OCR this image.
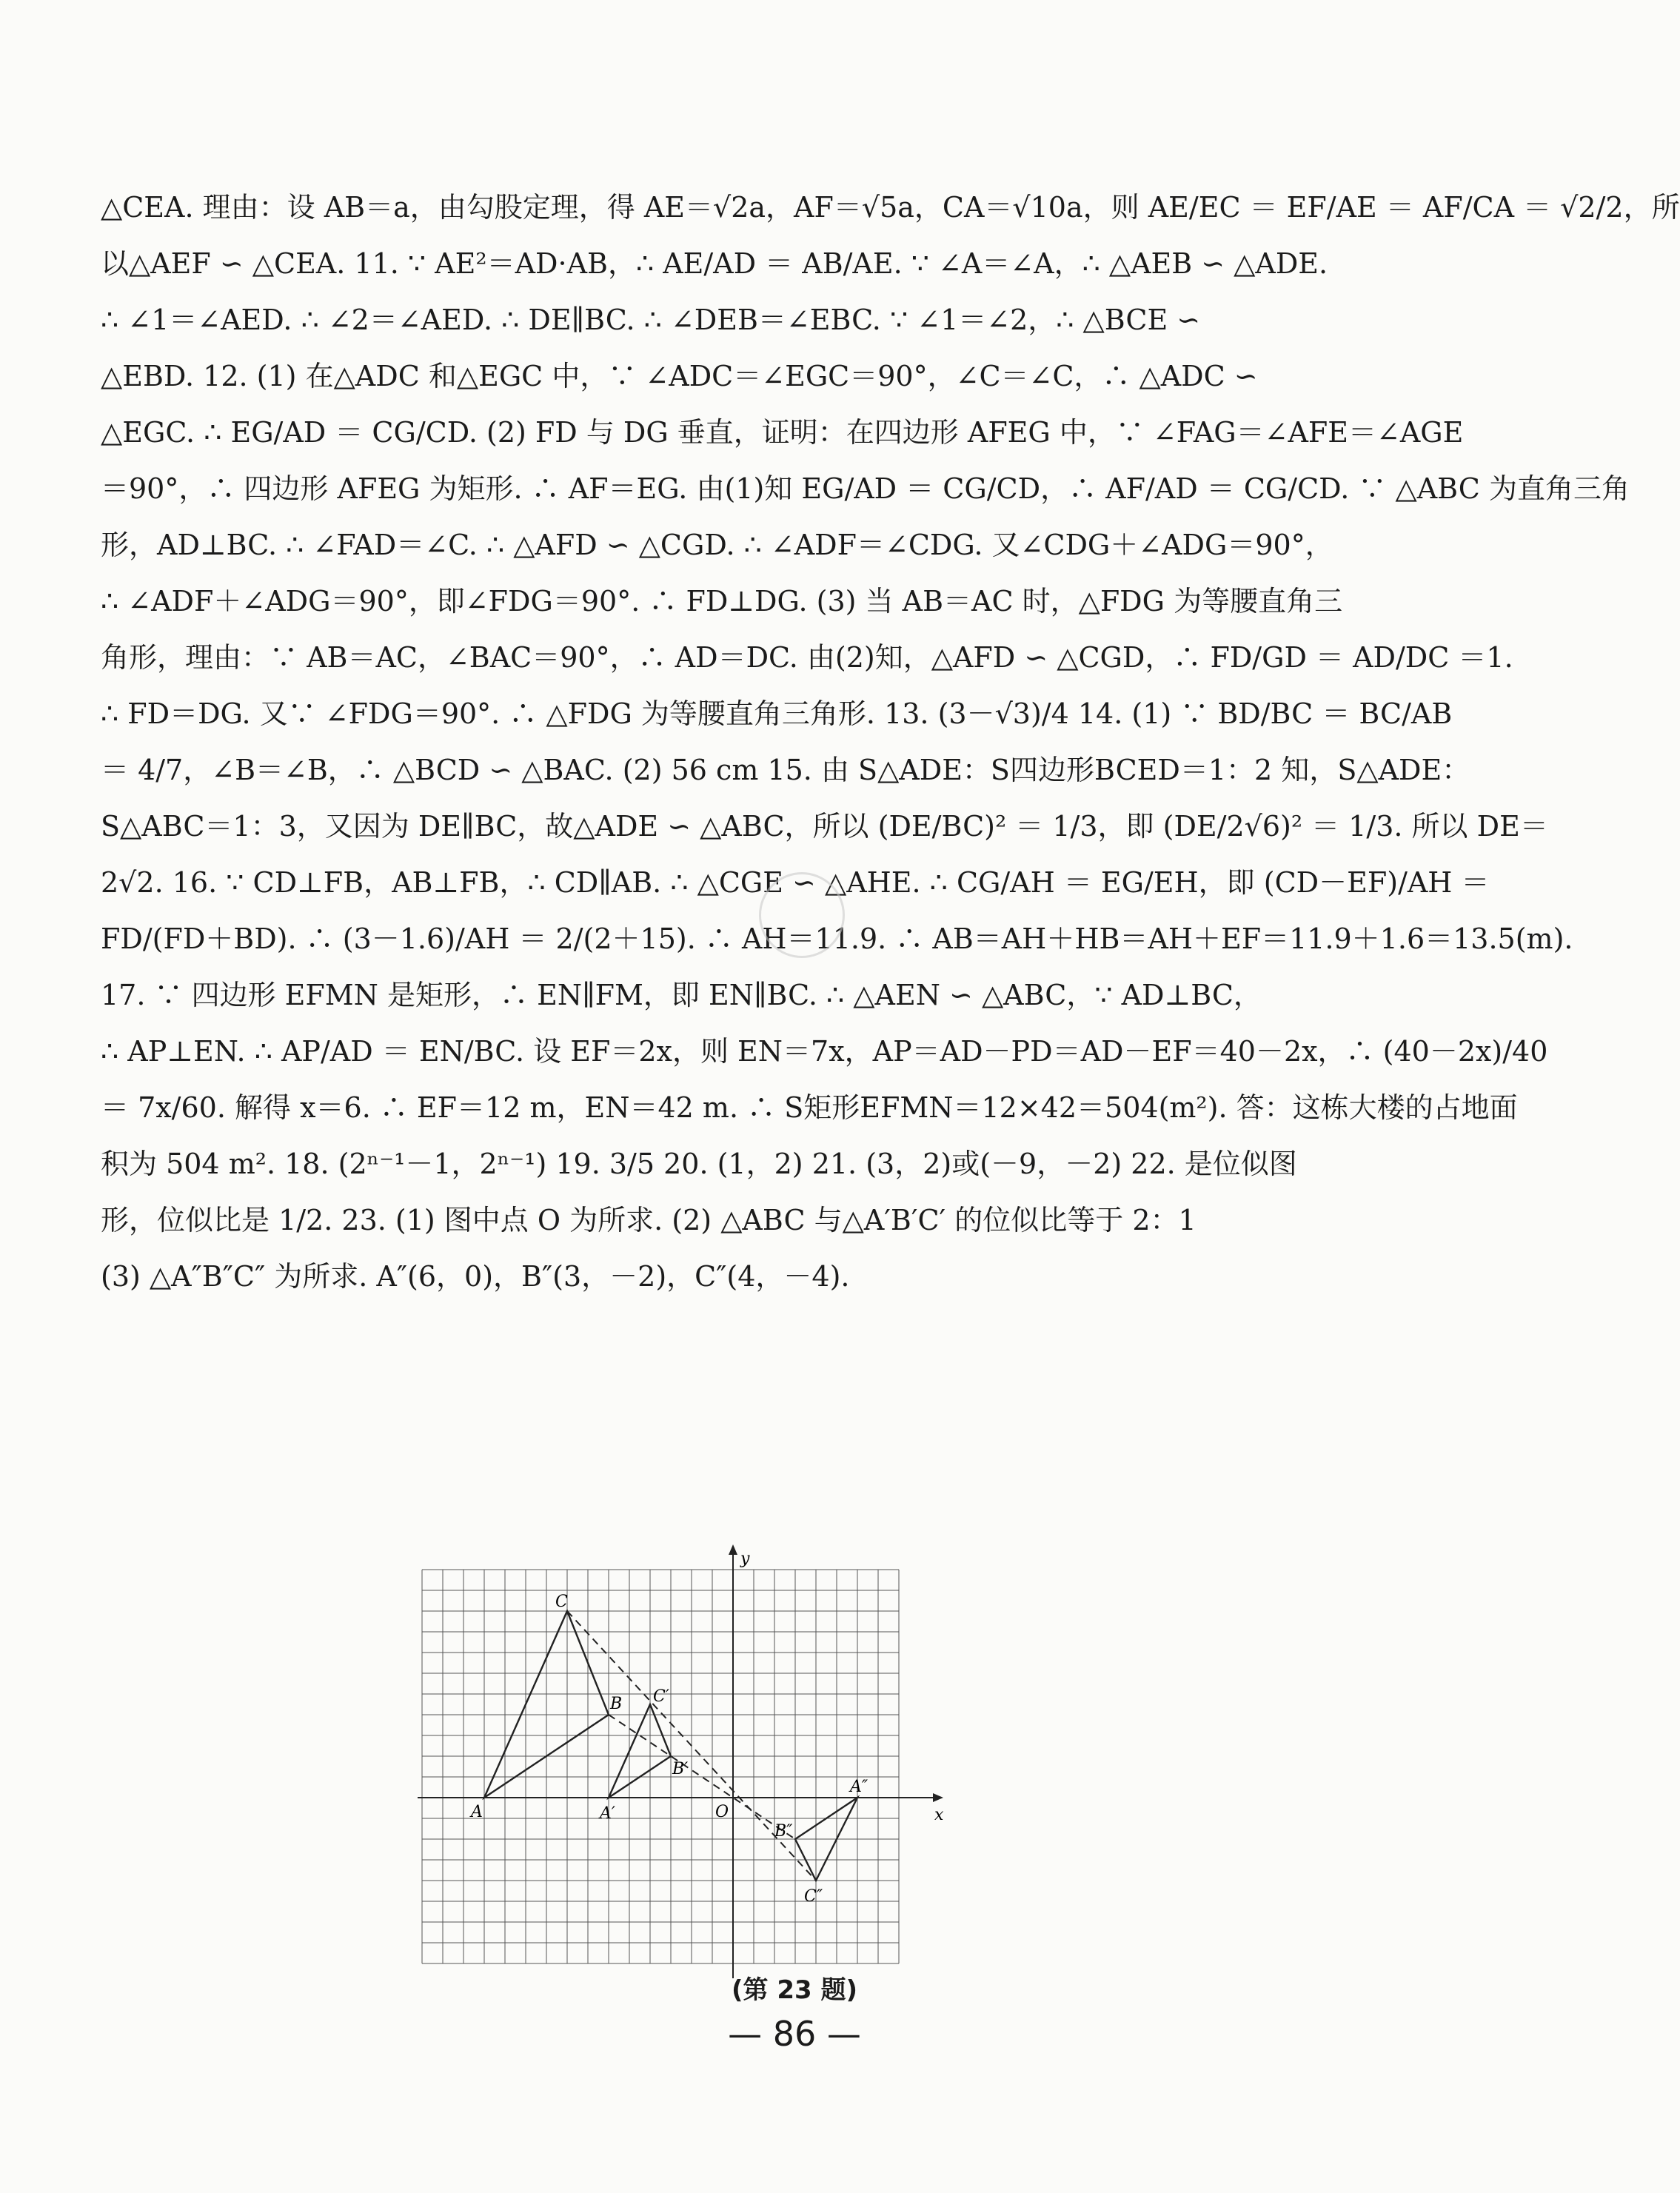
△CEA. 理由：设 AB＝a，由勾股定理，得 AE＝√2a，AF＝√5a，CA＝√10a，则 AE/EC ＝ EF/AE ＝ AF/CA ＝ √2/2，所
以△AEF ∽ △CEA. 11. ∵ AE²＝AD·AB，∴ AE/AD ＝ AB/AE. ∵ ∠A＝∠A，∴ △AEB ∽ △ADE.
∴ ∠1＝∠AED. ∴ ∠2＝∠AED. ∴ DE∥BC. ∴ ∠DEB＝∠EBC. ∵ ∠1＝∠2，∴ △BCE ∽
△EBD. 12. (1) 在△ADC 和△EGC 中，∵ ∠ADC＝∠EGC＝90°，∠C＝∠C，∴ △ADC ∽
△EGC. ∴ EG/AD ＝ CG/CD. (2) FD 与 DG 垂直，证明：在四边形 AFEG 中，∵ ∠FAG＝∠AFE＝∠AGE
＝90°，∴ 四边形 AFEG 为矩形. ∴ AF＝EG. 由(1)知 EG/AD ＝ CG/CD，∴ AF/AD ＝ CG/CD. ∵ △ABC 为直角三角
形，AD⊥BC. ∴ ∠FAD＝∠C. ∴ △AFD ∽ △CGD. ∴ ∠ADF＝∠CDG. 又∠CDG＋∠ADG＝90°，
∴ ∠ADF＋∠ADG＝90°，即∠FDG＝90°. ∴ FD⊥DG. (3) 当 AB＝AC 时，△FDG 为等腰直角三
角形，理由：∵ AB＝AC，∠BAC＝90°，∴ AD＝DC. 由(2)知，△AFD ∽ △CGD，∴ FD/GD ＝ AD/DC ＝1.
∴ FD＝DG. 又∵ ∠FDG＝90°. ∴ △FDG 为等腰直角三角形. 13. (3－√3)/4 14. (1) ∵ BD/BC ＝ BC/AB
＝ 4/7，∠B＝∠B，∴ △BCD ∽ △BAC. (2) 56 cm 15. 由 S△ADE：S四边形BCED＝1：2 知，S△ADE：
S△ABC＝1：3，又因为 DE∥BC，故△ADE ∽ △ABC，所以 (DE/BC)² ＝ 1/3，即 (DE/2√6)² ＝ 1/3. 所以 DE＝
2√2. 16. ∵ CD⊥FB，AB⊥FB，∴ CD∥AB. ∴ △CGE ∽ △AHE. ∴ CG/AH ＝ EG/EH，即 (CD－EF)/AH ＝
FD/(FD＋BD). ∴ (3－1.6)/AH ＝ 2/(2＋15). ∴ AH＝11.9. ∴ AB＝AH＋HB＝AH＋EF＝11.9＋1.6＝13.5(m).
17. ∵ 四边形 EFMN 是矩形，∴ EN∥FM，即 EN∥BC. ∴ △AEN ∽ △ABC，∵ AD⊥BC，
∴ AP⊥EN. ∴ AP/AD ＝ EN/BC. 设 EF＝2x，则 EN＝7x，AP＝AD－PD＝AD－EF＝40－2x，∴ (40－2x)/40
＝ 7x/60. 解得 x＝6. ∴ EF＝12 m，EN＝42 m. ∴ S矩形EFMN＝12×42＝504(m²). 答：这栋大楼的占地面
积为 504 m². 18. (2ⁿ⁻¹－1，2ⁿ⁻¹) 19. 3/5 20. (1，2) 21. (3，2)或(－9，－2) 22. 是位似图
形，位似比是 1/2. 23. (1) 图中点 O 为所求. (2) △ABC 与△A′B′C′ 的位似比等于 2：1
(3) △A″B″C″ 为所求. A″(6，0)，B″(3，－2)，C″(4，－4).
x
y
O
A
B
C
A′
B′
C′
A″
B″
C″
(第 23 题)
— 86 —
